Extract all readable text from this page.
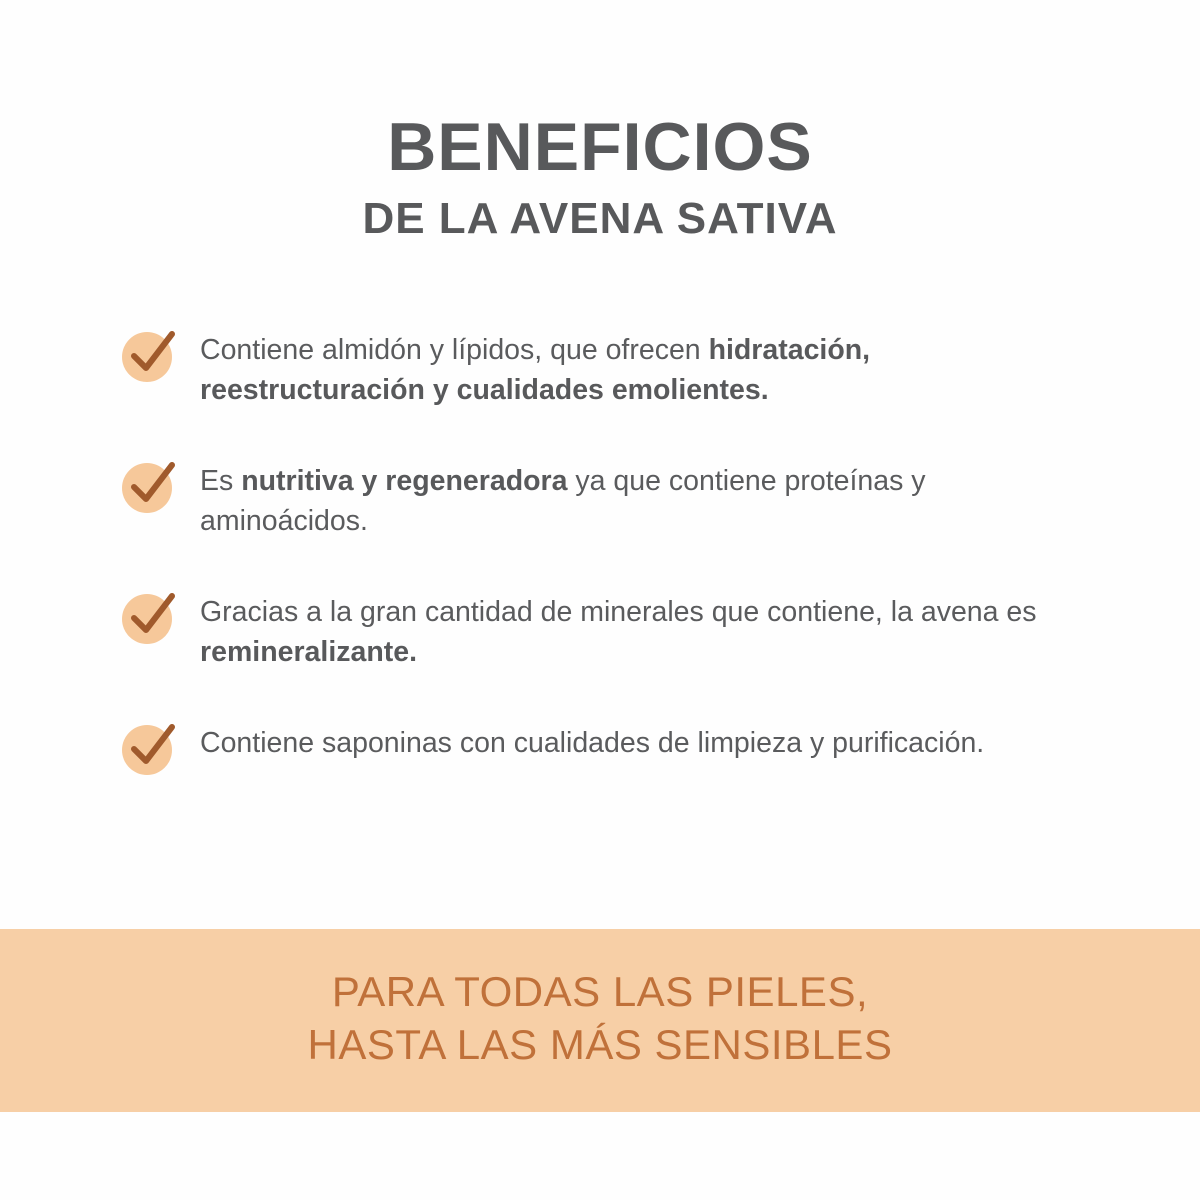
BENEFICIOS
DE LA AVENA SATIVA
Contiene almidón y lípidos, que ofrecen hidratación, reestructuración y cualidades emolientes.
Es nutritiva y regeneradora ya que contiene proteínas y aminoácidos.
Gracias a la gran cantidad de minerales que contiene, la avena es remineralizante.
Contiene saponinas con cualidades de limpieza y purificación.
PARA TODAS LAS PIELES,
HASTA LAS MÁS SENSIBLES
